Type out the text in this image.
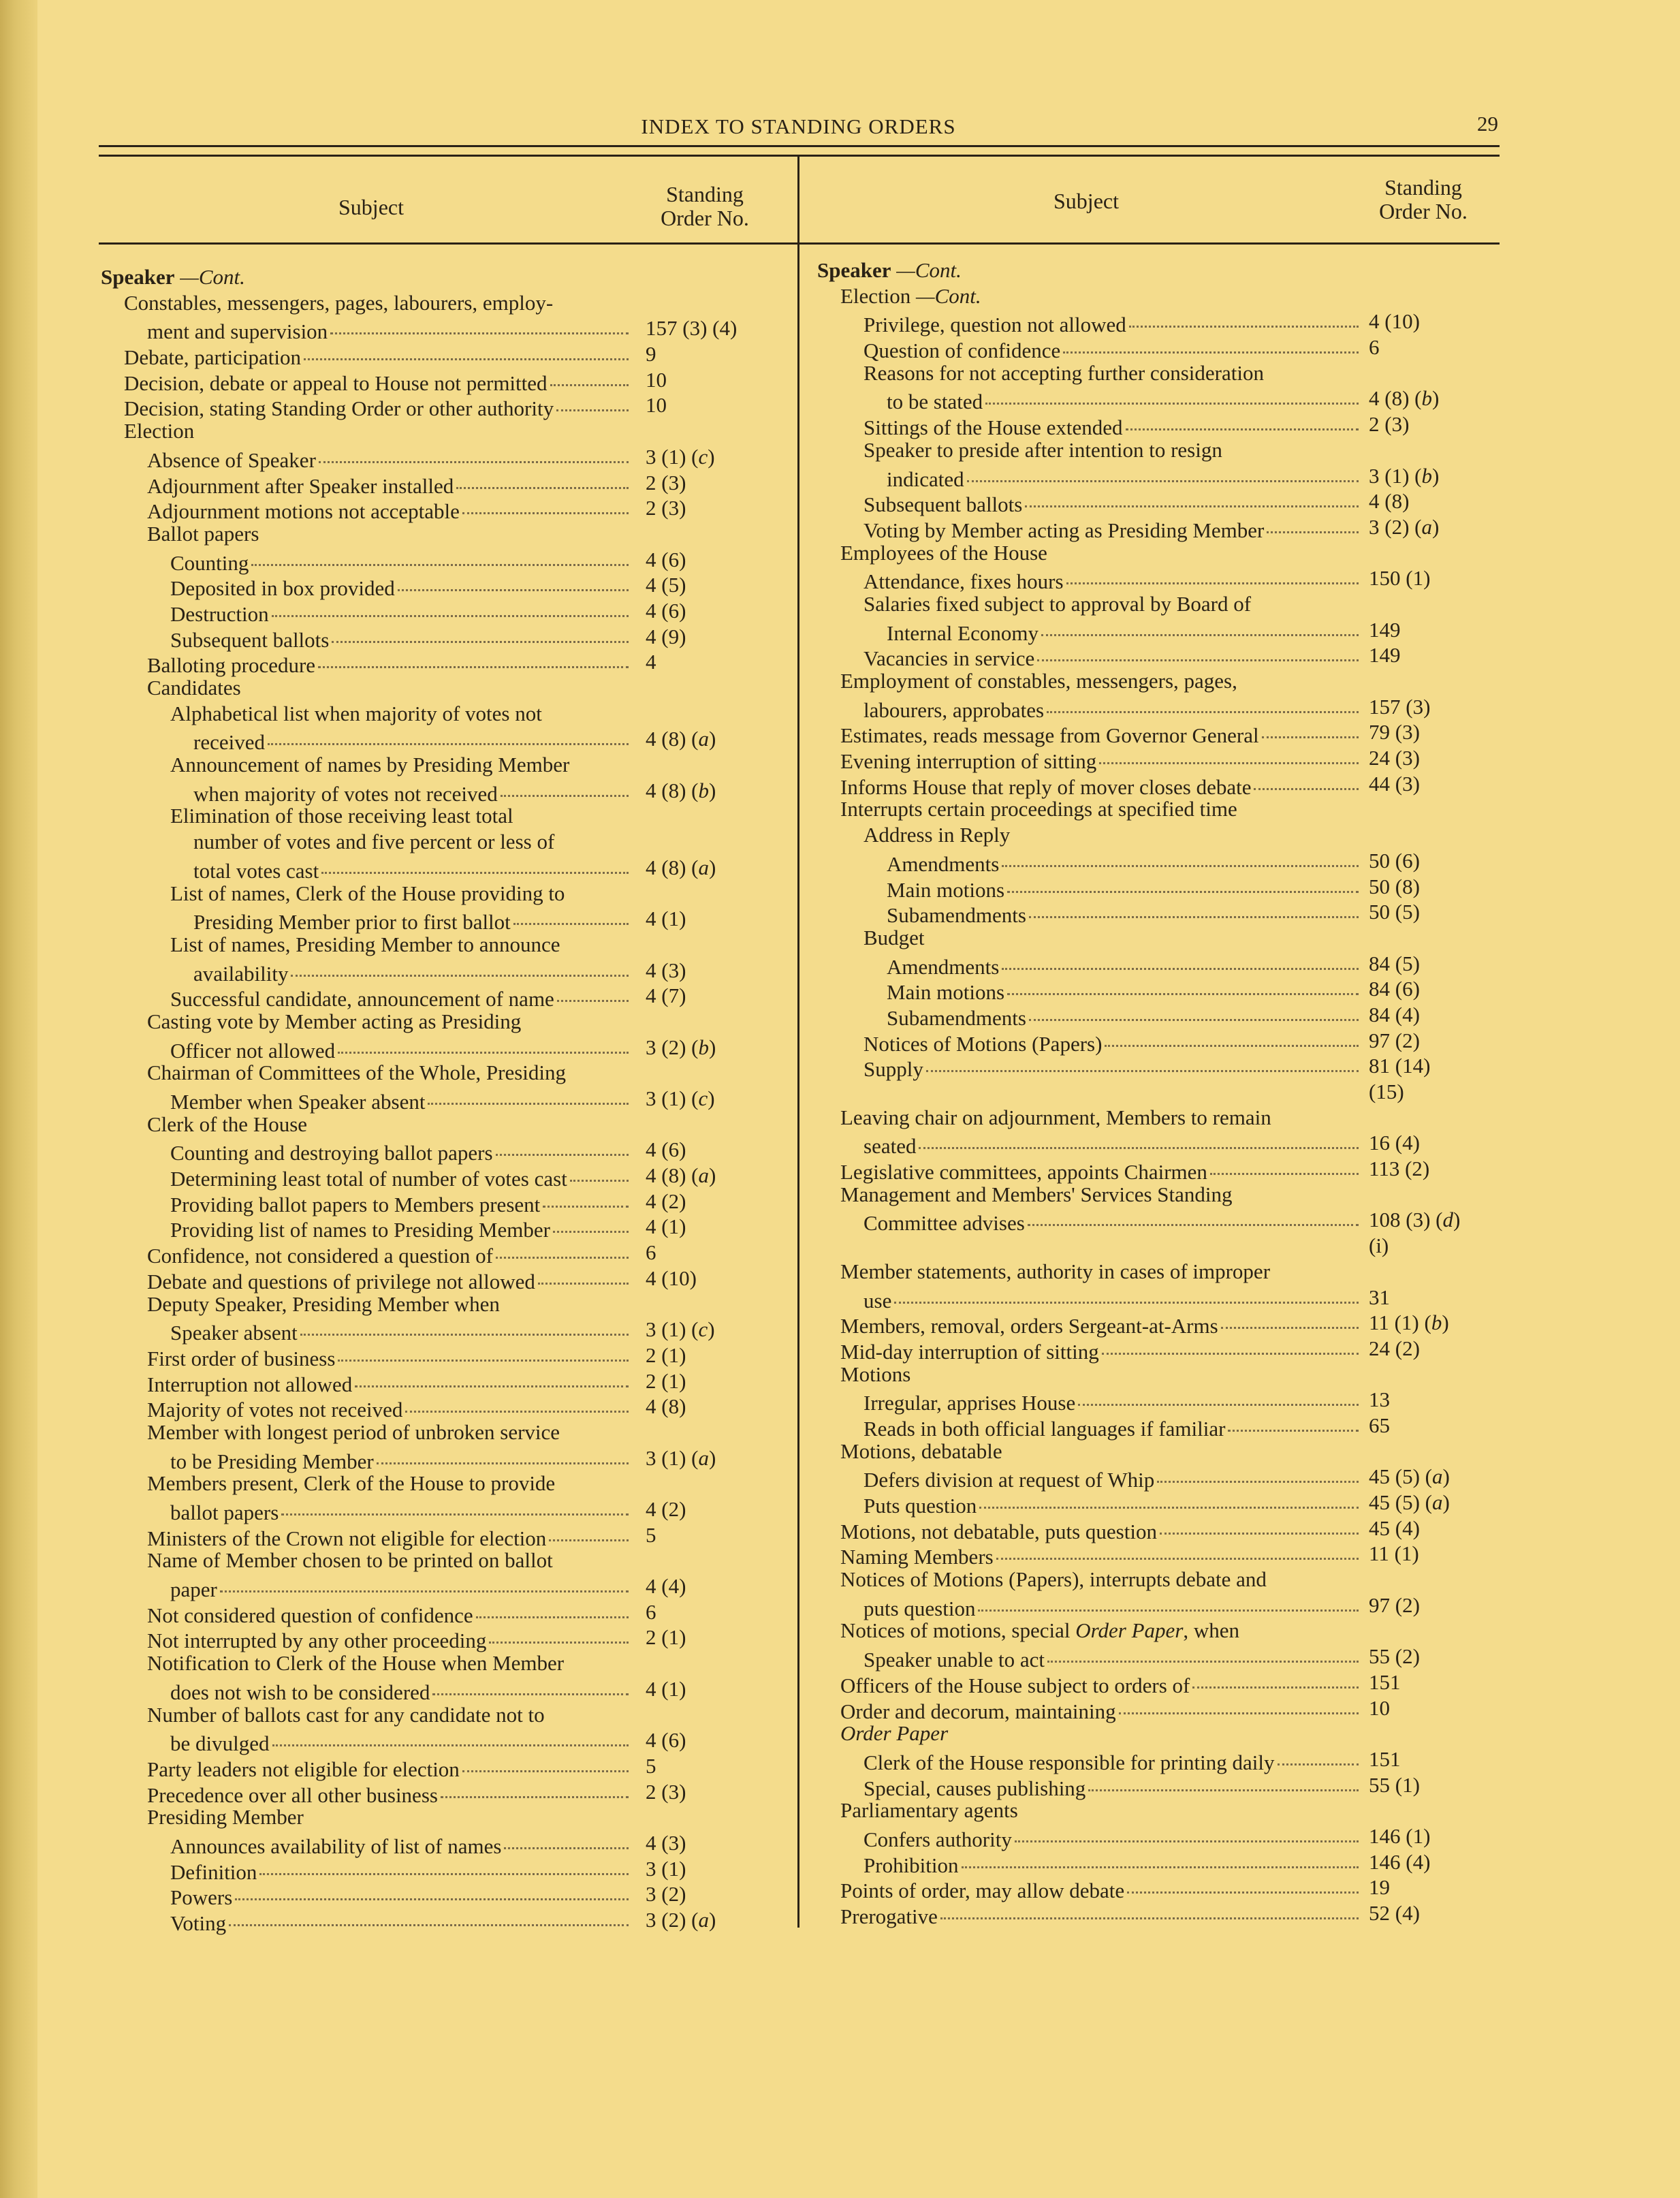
INDEX TO STANDING ORDERS	29
Subject
Standing
Order No.
Subject
Standing
Order No.
Speaker —Cont.
Constables, messengers, pages, labourers, employ-
ment and supervision	157 (3) (4)
Debate, participation	9
Decision, debate or appeal to House not permitted	10
Decision, stating Standing Order or other authority	10
Election
Absence of Speaker	3 (1) (c)
Adjournment after Speaker installed	2 (3)
Adjournment motions not acceptable	2 (3)
Ballot papers
Counting	4 (6)
Deposited in box provided	4 (5)
Destruction	4 (6)
Subsequent ballots	4 (9)
Balloting procedure	4
Candidates
Alphabetical list when majority of votes not
received	4 (8) (a)
Announcement of names by Presiding Member
when majority of votes not received	4 (8) (b)
Elimination of those receiving least total
number of votes and five percent or less of
total votes cast	4 (8) (a)
List of names, Clerk of the House providing to
Presiding Member prior to first ballot	4 (1)
List of names, Presiding Member to announce
availability	4 (3)
Successful candidate, announcement of name	4 (7)
Casting vote by Member acting as Presiding
Officer not allowed	3 (2) (b)
Chairman of Committees of the Whole, Presiding
Member when Speaker absent	3 (1) (c)
Clerk of the House
Counting and destroying ballot papers	4 (6)
Determining least total of number of votes cast	4 (8) (a)
Providing ballot papers to Members present	4 (2)
Providing list of names to Presiding Member	4 (1)
Confidence, not considered a question of	6
Debate and questions of privilege not allowed	4 (10)
Deputy Speaker, Presiding Member when
Speaker absent	3 (1) (c)
First order of business	2 (1)
Interruption not allowed	2 (1)
Majority of votes not received	4 (8)
Member with longest period of unbroken service
to be Presiding Member	3 (1) (a)
Members present, Clerk of the House to provide
ballot papers	4 (2)
Ministers of the Crown not eligible for election	5
Name of Member chosen to be printed on ballot
paper	4 (4)
Not considered question of confidence	6
Not interrupted by any other proceeding	2 (1)
Notification to Clerk of the House when Member
does not wish to be considered	4 (1)
Number of ballots cast for any candidate not to
be divulged	4 (6)
Party leaders not eligible for election	5
Precedence over all other business	2 (3)
Presiding Member
Announces availability of list of names	4 (3)
Definition	3 (1)
Powers	3 (2)
Voting	3 (2) (a)
Speaker —Cont.
Election —Cont.
Privilege, question not allowed	4 (10)
Question of confidence	6
Reasons for not accepting further consideration
to be stated	4 (8) (b)
Sittings of the House extended	2 (3)
Speaker to preside after intention to resign
indicated	3 (1) (b)
Subsequent ballots	4 (8)
Voting by Member acting as Presiding Member	3 (2) (a)
Employees of the House
Attendance, fixes hours	150 (1)
Salaries fixed subject to approval by Board of
Internal Economy	149
Vacancies in service	149
Employment of constables, messengers, pages,
labourers, approbates	157 (3)
Estimates, reads message from Governor General	79 (3)
Evening interruption of sitting	24 (3)
Informs House that reply of mover closes debate	44 (3)
Interrupts certain proceedings at specified time
Address in Reply
Amendments	50 (6)
Main motions	50 (8)
Subamendments	50 (5)
Budget
Amendments	84 (5)
Main motions	84 (6)
Subamendments	84 (4)
Notices of Motions (Papers)	97 (2)
Supply	81 (14)
(15)
Leaving chair on adjournment, Members to remain
seated	16 (4)
Legislative committees, appoints Chairmen	113 (2)
Management and Members' Services Standing
Committee advises	108 (3) (d)
(i)
Member statements, authority in cases of improper
use	31
Members, removal, orders Sergeant-at-Arms	11 (1) (b)
Mid-day interruption of sitting	24 (2)
Motions
Irregular, apprises House	13
Reads in both official languages if familiar	65
Motions, debatable
Defers division at request of Whip	45 (5) (a)
Puts question	45 (5) (a)
Motions, not debatable, puts question	45 (4)
Naming Members	11 (1)
Notices of Motions (Papers), interrupts debate and
puts question	97 (2)
Notices of motions, special Order Paper, when
Speaker unable to act	55 (2)
Officers of the House subject to orders of	151
Order and decorum, maintaining	10
Order Paper
Clerk of the House responsible for printing daily	151
Special, causes publishing	55 (1)
Parliamentary agents
Confers authority	146 (1)
Prohibition	146 (4)
Points of order, may allow debate	19
Prerogative	52 (4)
